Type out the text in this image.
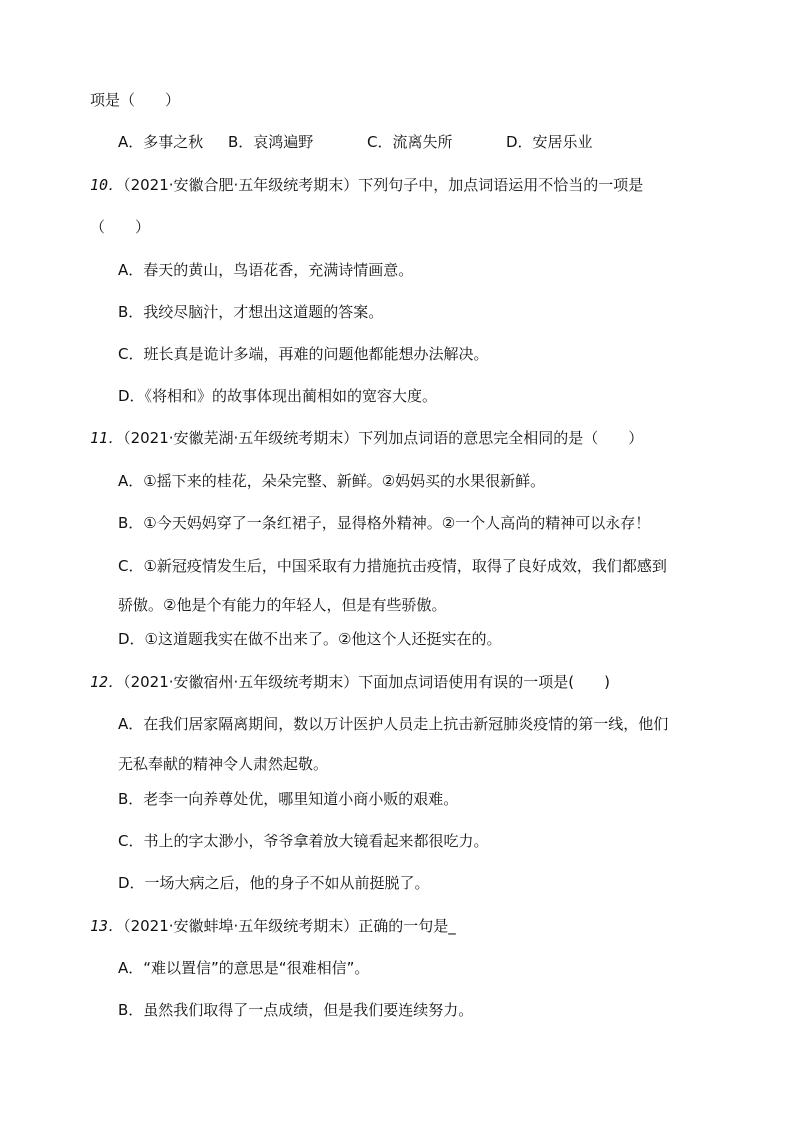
项是（　　）
A．多事之秋 B．哀鸿遍野	C．流离失所	D．安居乐业
10．（2021·安徽合肥·五年级统考期末）下列句子中，加点词语运用不恰当的一项是
（　　）
A．春天的黄山，鸟语花香，充满诗情画意。
B．我绞尽脑汁，才想出这道题的答案。
C．班长真是诡计多端，再难的问题他都能想办法解决。
D．《将相和》的故事体现出蔺相如的宽容大度。
11．（2021·安徽芜湖·五年级统考期末）下列加点词语的意思完全相同的是（　　）
A．①摇下来的桂花，朵朵完整、新鲜。②妈妈买的水果很新鲜。
B．①今天妈妈穿了一条红裙子，显得格外精神。②一个人高尚的精神可以永存！
C．①新冠疫情发生后，中国采取有力措施抗击疫情，取得了良好成效，我们都感到
骄傲。②他是个有能力的年轻人，但是有些骄傲。
D．①这道题我实在做不出来了。②他这个人还挺实在的。
12．（2021·安徽宿州·五年级统考期末）下面加点词语使用有误的一项是(　　)
A．在我们居家隔离期间，数以万计医护人员走上抗击新冠肺炎疫情的第一线，他们
无私奉献的精神令人肃然起敬。
B．老李一向养尊处优，哪里知道小商小贩的艰难。
C．书上的字太渺小，爷爷拿着放大镜看起来都很吃力。
D．一场大病之后，他的身子不如从前挺脱了。
13．（2021·安徽蚌埠·五年级统考期末）正确的一句是_
A．“难以置信”的意思是“很难相信”。
B．虽然我们取得了一点成绩，但是我们要连续努力。
